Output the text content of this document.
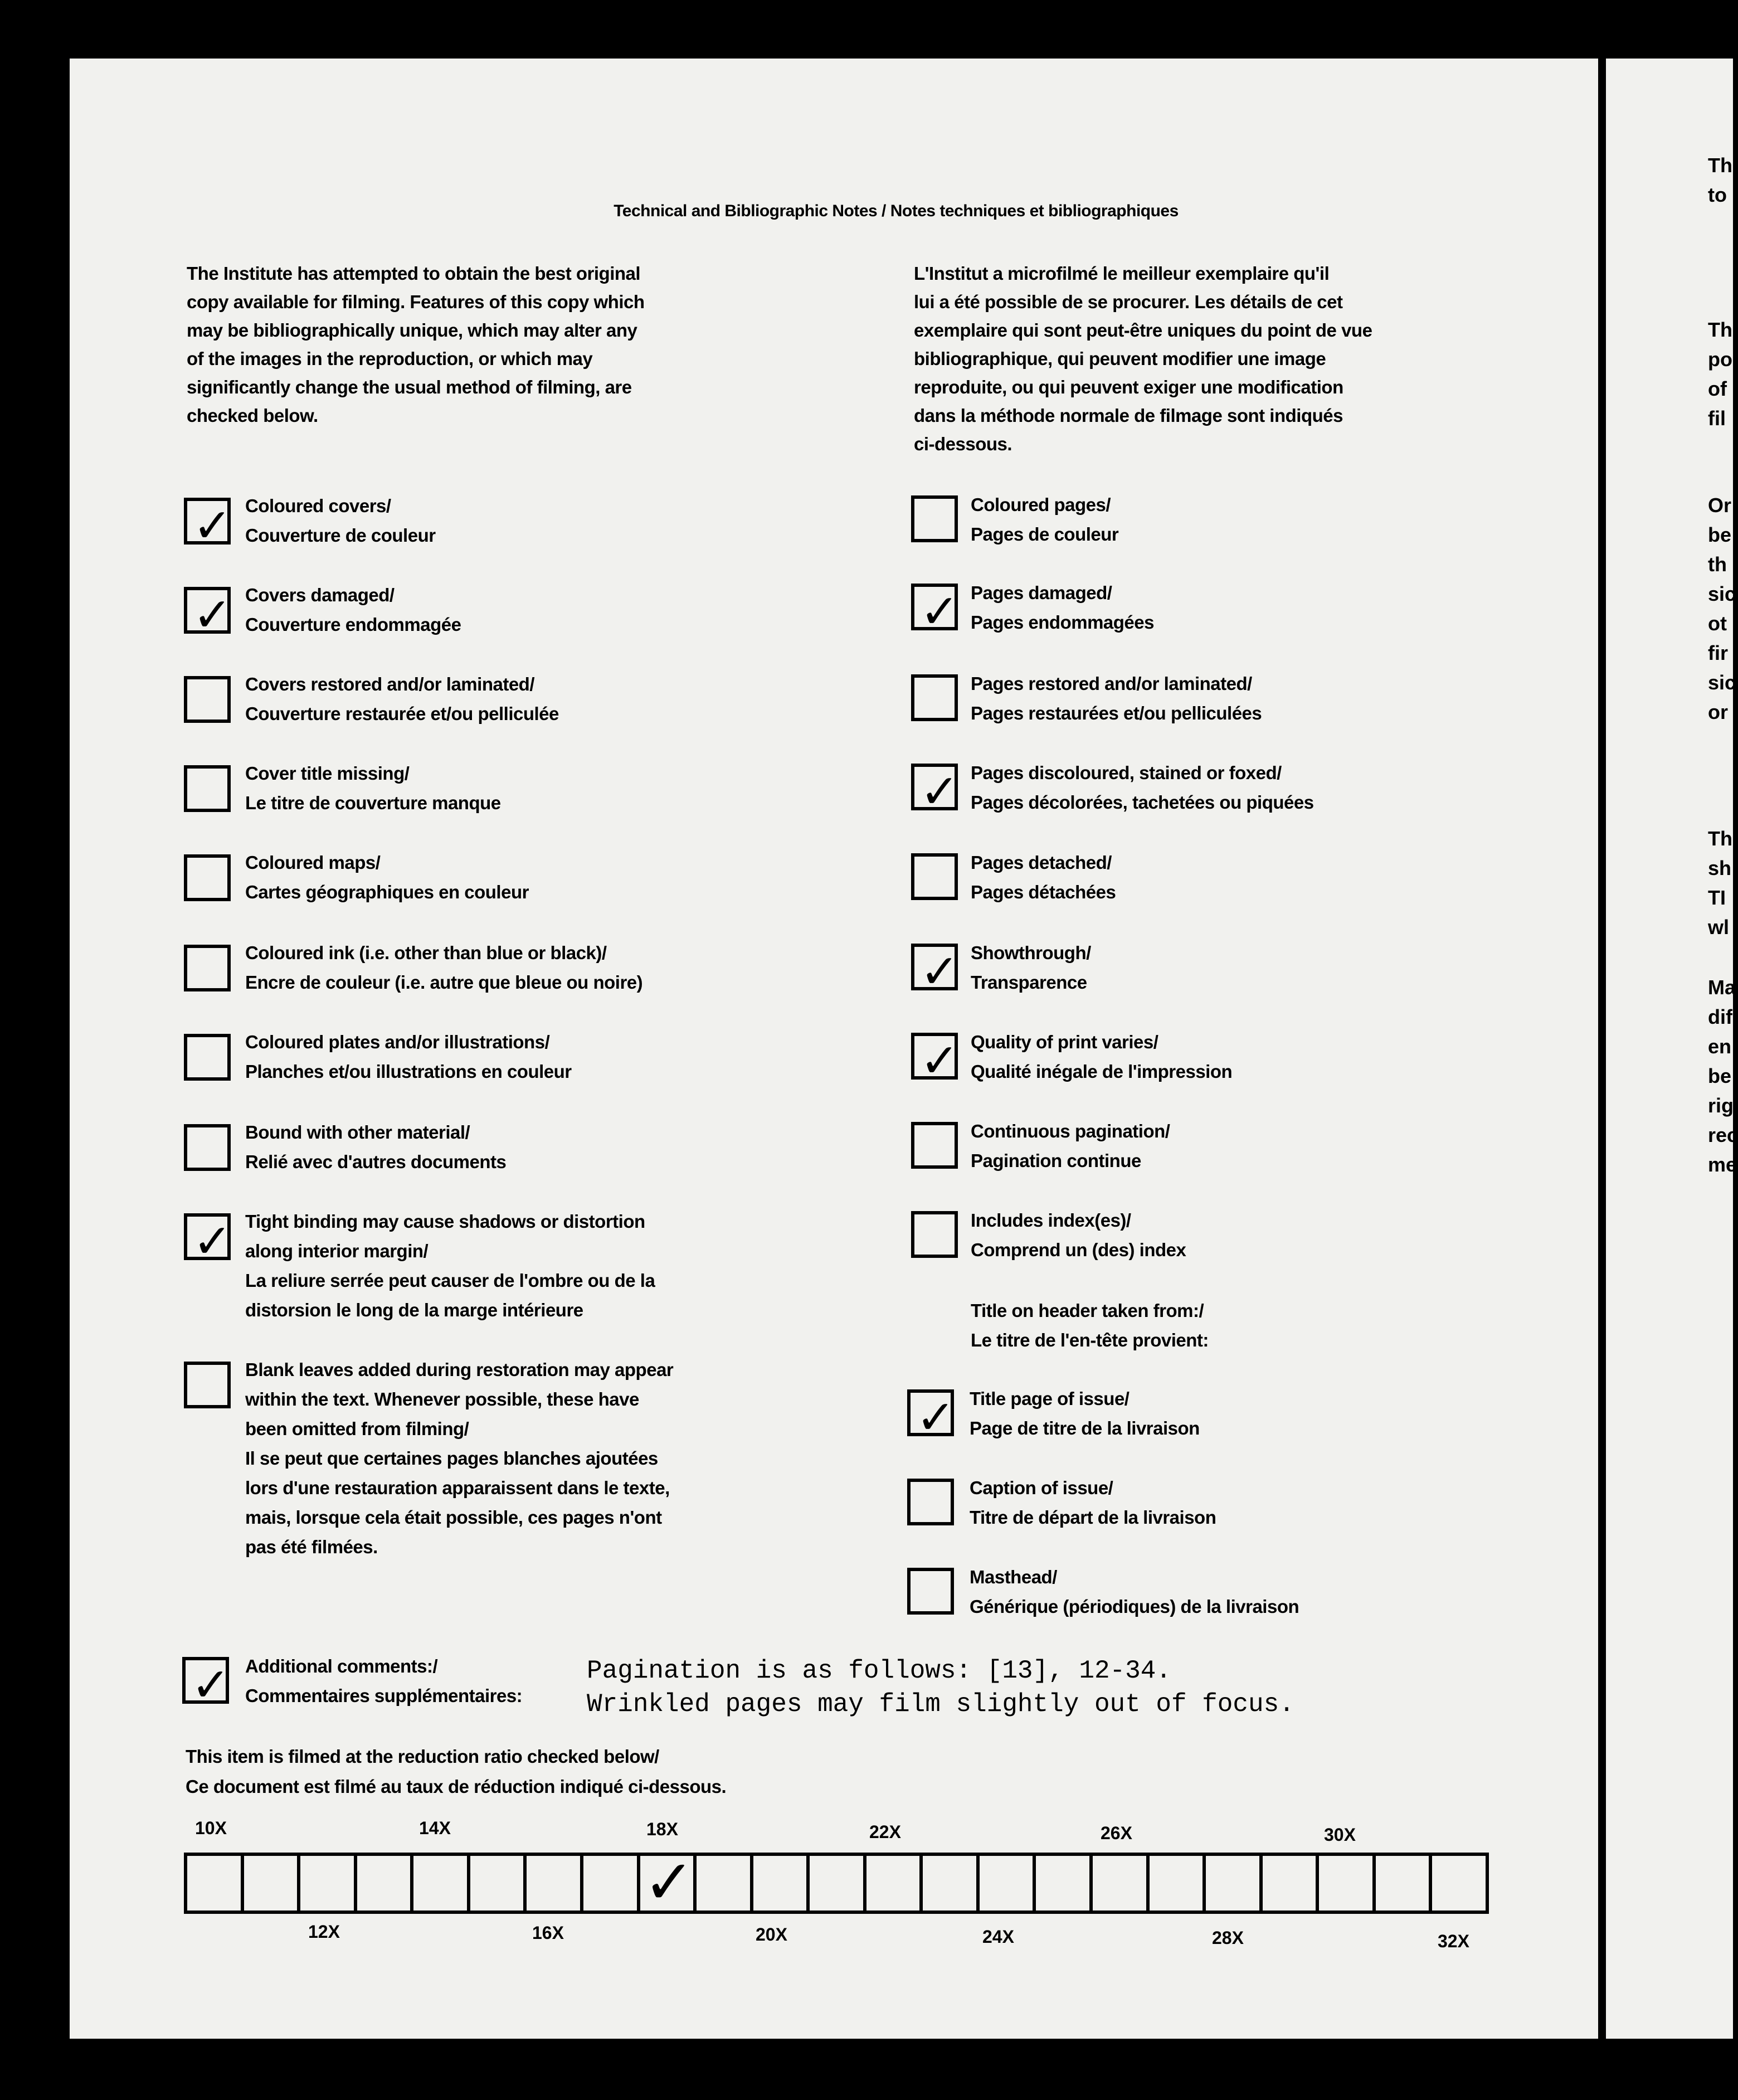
Technical and Bibliographic Notes / Notes techniques et bibliographiques
The Institute has attempted to obtain the best original
copy available for filming. Features of this copy which
may be bibliographically unique, which may alter any
of the images in the reproduction, or which may
significantly change the usual method of filming, are
checked below.
L'Institut a microfilmé le meilleur exemplaire qu'il
lui a été possible de se procurer. Les détails de cet
exemplaire qui sont peut-être uniques du point de vue
bibliographique, qui peuvent modifier une image
reproduite, ou qui peuvent exiger une modification
dans la méthode normale de filmage sont indiqués
ci-dessous.
✓ Coloured covers/
Couverture de couleur
✓ Covers damaged/
Couverture endommagée
Covers restored and/or laminated/
Couverture restaurée et/ou pelliculée
Cover title missing/
Le titre de couverture manque
Coloured maps/
Cartes géographiques en couleur
Coloured ink (i.e. other than blue or black)/
Encre de couleur (i.e. autre que bleue ou noire)
Coloured plates and/or illustrations/
Planches et/ou illustrations en couleur
Bound with other material/
Relié avec d'autres documents
✓ Tight binding may cause shadows or distortion
along interior margin/
La reliure serrée peut causer de l'ombre ou de la
distorsion le long de la marge intérieure
Blank leaves added during restoration may appear
within the text. Whenever possible, these have
been omitted from filming/
Il se peut que certaines pages blanches ajoutées
lors d'une restauration apparaissent dans le texte,
mais, lorsque cela était possible, ces pages n'ont
pas été filmées.
Coloured pages/
Pages de couleur
✓ Pages damaged/
Pages endommagées
Pages restored and/or laminated/
Pages restaurées et/ou pelliculées
✓ Pages discoloured, stained or foxed/
Pages décolorées, tachetées ou piquées
Pages detached/
Pages détachées
✓ Showthrough/
Transparence
✓ Quality of print varies/
Qualité inégale de l'impression
Continuous pagination/
Pagination continue
Includes index(es)/
Comprend un (des) index
Title on header taken from:/
Le titre de l'en-tête provient:
✓ Title page of issue/
Page de titre de la livraison
Caption of issue/
Titre de départ de la livraison
Masthead/
Générique (périodiques) de la livraison
✓ Additional comments:/
Commentaires supplémentaires:
Pagination is as follows: [13], 12-34.
Wrinkled pages may film slightly out of focus.
This item is filmed at the reduction ratio checked below/
Ce document est filmé au taux de réduction indiqué ci-dessous.
10X	14X	18X	22X	26X	30X
✓
12X	16X	20X	24X	28X	32X
Th
to
Th
po
of
fil
Or
be
th
sic
ot
fir
sic
or
Th
sh
TI
wl
Ma
dif
en
be
rig
rec
me
